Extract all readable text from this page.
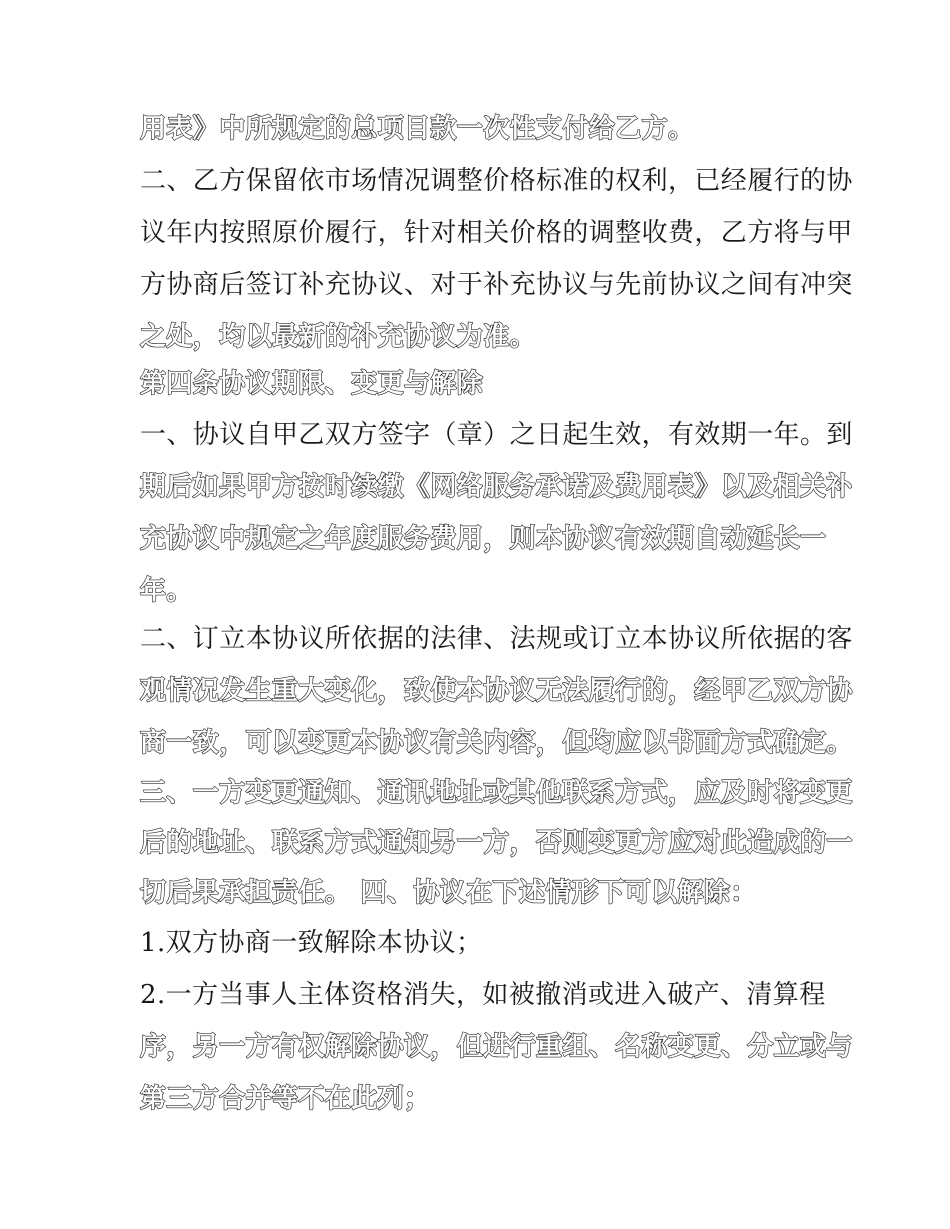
用表》中所规定的总项目款一次性支付给乙方。
二、乙方保留依市场情况调整价格标准的权利，已经履行的协
议年内按照原价履行，针对相关价格的调整收费，乙方将与甲
方协商后签订补充协议、对于补充协议与先前协议之间有冲突
之处，均以最新的补充协议为准。
第四条协议期限、变更与解除
一、协议自甲乙双方签字（章）之日起生效，有效期一年。到
期后如果甲方按时续缴《网络服务承诺及费用表》以及相关补
充协议中规定之年度服务费用，则本协议有效期自动延长一
年。
二、订立本协议所依据的法律、法规或订立本协议所依据的客
观情况发生重大变化，致使本协议无法履行的，经甲乙双方协
商一致，可以变更本协议有关内容，但均应以书面方式确定。
三、一方变更通知、通讯地址或其他联系方式，应及时将变更
后的地址、联系方式通知另一方，否则变更方应对此造成的一
切后果承担责任。 四、协议在下述情形下可以解除：
1.双方协商一致解除本协议；
2.一方当事人主体资格消失，如被撤消或进入破产、清算程
序，另一方有权解除协议，但进行重组、名称变更、分立或与
第三方合并等不在此列；
